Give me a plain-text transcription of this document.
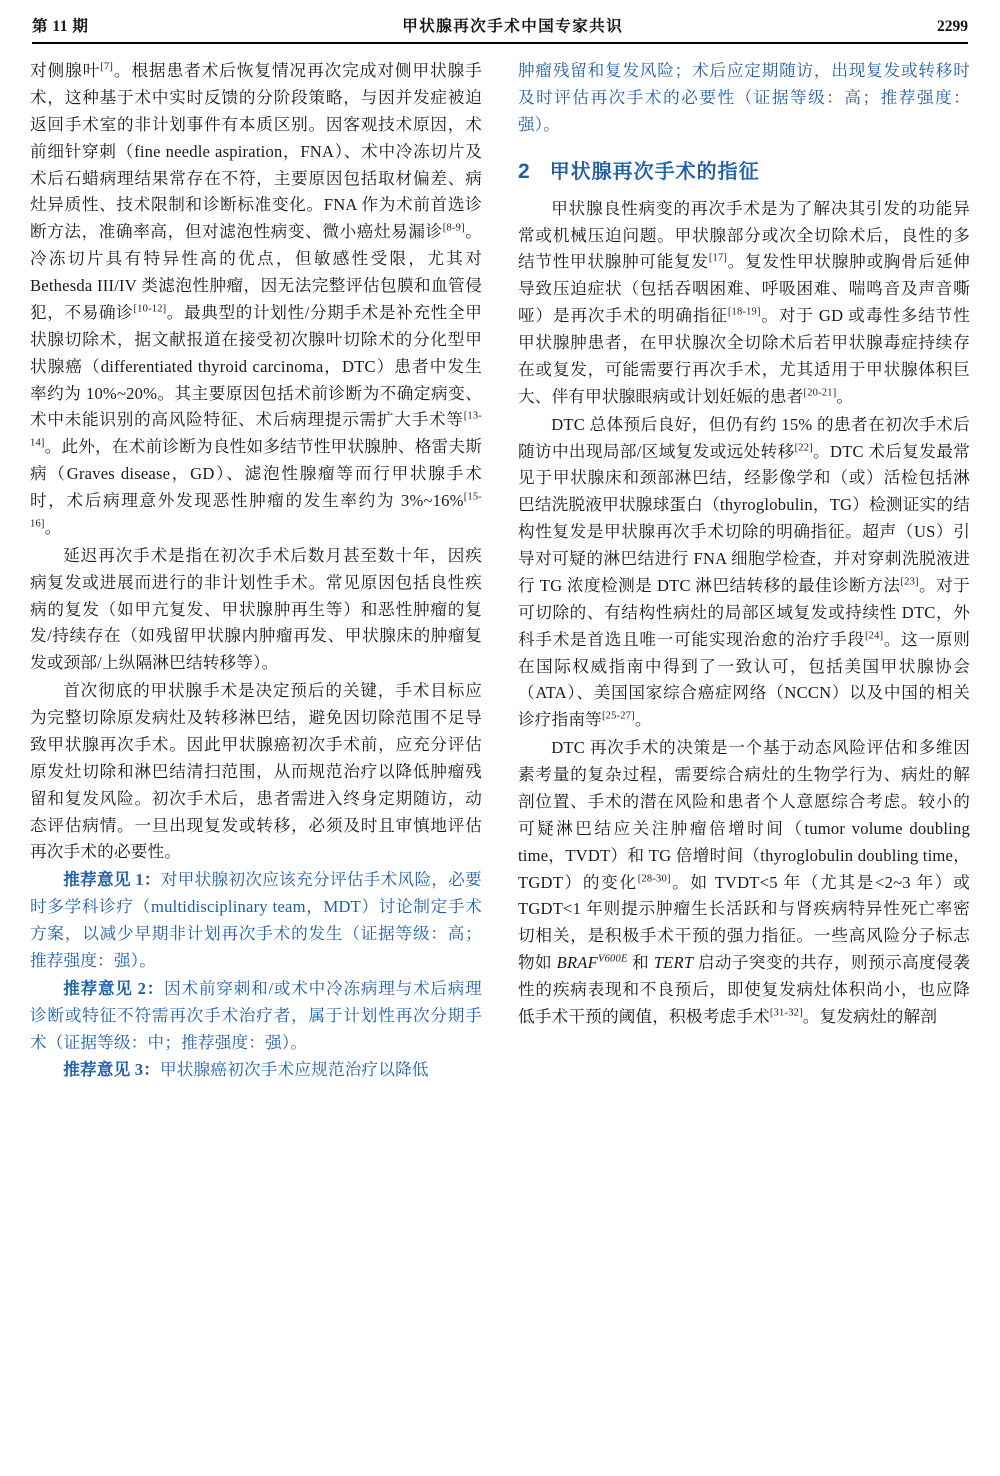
第 11 期	甲状腺再次手术中国专家共识	2299

对侧腺叶[7]。根据患者术后恢复情况再次完成对侧甲状腺手术，这种基于术中实时反馈的分阶段策略，与因并发症被迫返回手术室的非计划事件有本质区别。因客观技术原因，术前细针穿刺（fine needle aspiration，FNA）、术中冷冻切片及术后石蜡病理结果常存在不符，主要原因包括取材偏差、病灶异质性、技术限制和诊断标准变化。FNA 作为术前首选诊断方法，准确率高，但对滤泡性病变、微小癌灶易漏诊[8-9]。冷冻切片具有特异性高的优点，但敏感性受限，尤其对 Bethesda III/IV 类滤泡性肿瘤，因无法完整评估包膜和血管侵犯，不易确诊[10-12]。最典型的计划性/分期手术是补充性全甲状腺切除术，据文献报道在接受初次腺叶切除术的分化型甲状腺癌（differentiated thyroid carcinoma，DTC）患者中发生率约为 10%~20%。其主要原因包括术前诊断为不确定病变、术中未能识别的高风险特征、术后病理提示需扩大手术等[13-14]。此外，在术前诊断为良性如多结节性甲状腺肿、格雷夫斯病（Graves disease，GD）、滤泡性腺瘤等而行甲状腺手术时，术后病理意外发现恶性肿瘤的发生率约为 3%~16%[15-16]。

延迟再次手术是指在初次手术后数月甚至数十年，因疾病复发或进展而进行的非计划性手术。常见原因包括良性疾病的复发（如甲亢复发、甲状腺肿再生等）和恶性肿瘤的复发/持续存在（如残留甲状腺内肿瘤再发、甲状腺床的肿瘤复发或颈部/上纵隔淋巴结转移等）。

首次彻底的甲状腺手术是决定预后的关键，手术目标应为完整切除原发病灶及转移淋巴结，避免因切除范围不足导致甲状腺再次手术。因此甲状腺癌初次手术前，应充分评估原发灶切除和淋巴结清扫范围，从而规范治疗以降低肿瘤残留和复发风险。初次手术后，患者需进入终身定期随访，动态评估病情。一旦出现复发或转移，必须及时且审慎地评估再次手术的必要性。

推荐意见 1：对甲状腺初次应该充分评估手术风险，必要时多学科诊疗（multidisciplinary team，MDT）讨论制定手术方案，以减少早期非计划再次手术的发生（证据等级：高；推荐强度：强）。

推荐意见 2：因术前穿刺和/或术中冷冻病理与术后病理诊断或特征不符需再次手术治疗者，属于计划性再次分期手术（证据等级：中；推荐强度：强）。

推荐意见 3：甲状腺癌初次手术应规范治疗以降低

肿瘤残留和复发风险；术后应定期随访，出现复发或转移时及时评估再次手术的必要性（证据等级：高；推荐强度：强）。

2 甲状腺再次手术的指征

甲状腺良性病变的再次手术是为了解决其引发的功能异常或机械压迫问题。甲状腺部分或次全切除术后，良性的多结节性甲状腺肿可能复发[17]。复发性甲状腺肿或胸骨后延伸导致压迫症状（包括吞咽困难、呼吸困难、喘鸣音及声音嘶哑）是再次手术的明确指征[18-19]。对于 GD 或毒性多结节性甲状腺肿患者，在甲状腺次全切除术后若甲状腺毒症持续存在或复发，可能需要行再次手术，尤其适用于甲状腺体积巨大、伴有甲状腺眼病或计划妊娠的患者[20-21]。

DTC 总体预后良好，但仍有约 15% 的患者在初次手术后随访中出现局部/区域复发或远处转移[22]。DTC 术后复发最常见于甲状腺床和颈部淋巴结，经影像学和（或）活检包括淋巴结洗脱液甲状腺球蛋白（thyroglobulin，TG）检测证实的结构性复发是甲状腺再次手术切除的明确指征。超声（US）引导对可疑的淋巴结进行 FNA 细胞学检查，并对穿刺洗脱液进行 TG 浓度检测是 DTC 淋巴结转移的最佳诊断方法[23]。对于可切除的、有结构性病灶的局部区域复发或持续性 DTC，外科手术是首选且唯一可能实现治愈的治疗手段[24]。这一原则在国际权威指南中得到了一致认可，包括美国甲状腺协会（ATA）、美国国家综合癌症网络（NCCN）以及中国的相关诊疗指南等[25-27]。

DTC 再次手术的决策是一个基于动态风险评估和多维因素考量的复杂过程，需要综合病灶的生物学行为、病灶的解剖位置、手术的潜在风险和患者个人意愿综合考虑。较小的可疑淋巴结应关注肿瘤倍增时间（tumor volume doubling time，TVDT）和 TG 倍增时间（thyroglobulin doubling time，TGDT）的变化[28-30]。如 TVDT<5 年（尤其是<2~3 年）或 TGDT<1 年则提示肿瘤生长活跃和与肾疾病特异性死亡率密切相关，是积极手术干预的强力指征。一些高风险分子标志物如 $BRAF^{V600E}$ 和 TERT 启动子突变的共存，则预示高度侵袭性的疾病表现和不良预后，即使复发病灶体积尚小，也应降低手术干预的阈值，积极考虑手术[31-32]。复发病灶的解剖
